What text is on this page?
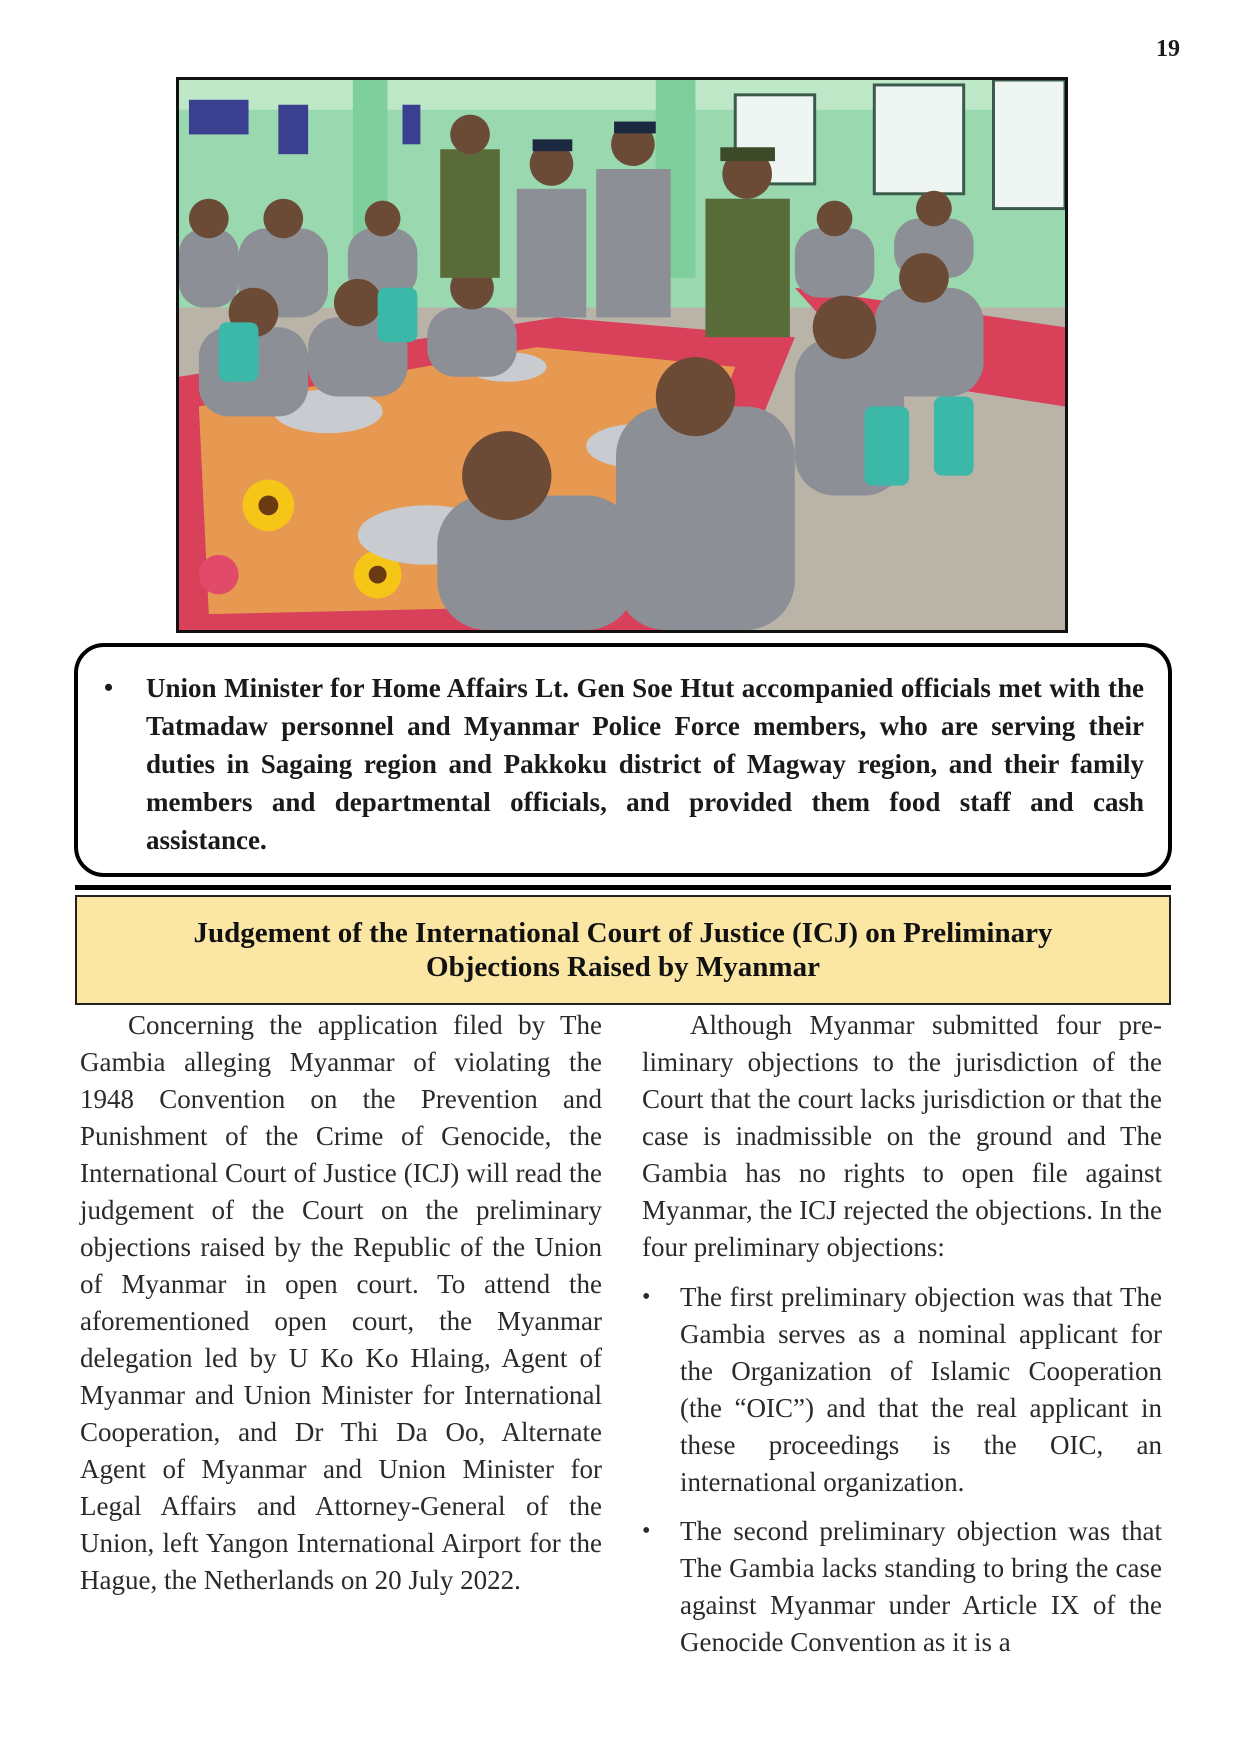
19
• Union Minister for Home Affairs Lt. Gen Soe Htut accompanied officials met with the Tatmadaw personnel and Myanmar Police Force members, who are serving their duties in Sagaing region and Pakkoku district of Magway region, and their family members and departmental officials, and provided them food staff and cash assistance.
Judgement of the International Court of Justice (ICJ) on Preliminary
Objections Raised by Myanmar

Concerning the application filed by The Gambia alleging Myanmar of violating the 1948 Convention on the Prevention and Punishment of the Crime of Genocide, the International Court of Justice (ICJ) will read the judgement of the Court on the preliminary objections raised by the Republic of the Union of Myanmar in open court. To attend the aforementioned open court, the Myanmar delegation led by U Ko Ko Hlaing, Agent of Myanmar and Union Minister for International Cooperation, and Dr Thi Da Oo, Alternate Agent of Myanmar and Union Minister for Legal Affairs and Attorney-General of the Union, left Yangon International Airport for the Hague, the Netherlands on 20 July 2022.

Although Myanmar submitted four preliminary objections to the jurisdiction of the Court that the court lacks jurisdiction or that the case is inadmissible on the ground and The Gambia has no rights to open file against Myanmar, the ICJ rejected the objections. In the four preliminary objections:

• The first preliminary objection was that The Gambia serves as a nominal applicant for the Organization of Islamic Cooperation (the “OIC”) and that the real applicant in these proceedings is the OIC, an international organization.
• The second preliminary objection was that The Gambia lacks standing to bring the case against Myanmar under Article IX of the Genocide Convention as it is a
